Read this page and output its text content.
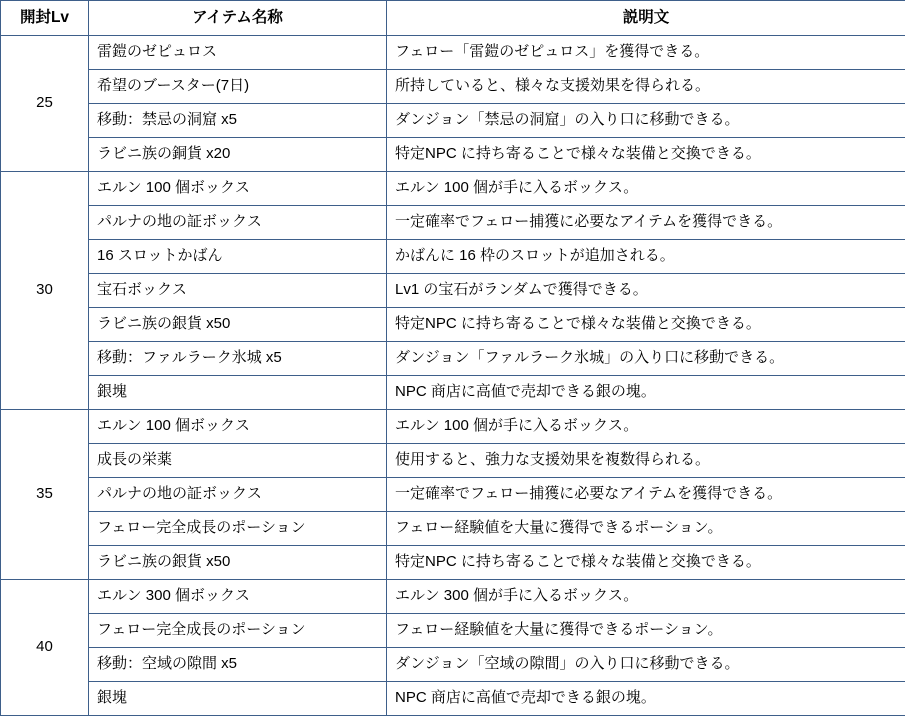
開封Lv	アイテム名称	説明文
25	雷鎧のゼピュロス	フェロー「雷鎧のゼピュロス」を獲得できる。
	希望のブースター(7日)	所持していると、様々な支援効果を得られる。
	移動：禁忌の洞窟 x5	ダンジョン「禁忌の洞窟」の入り口に移動できる。
	ラビニ族の銅貨 x20	特定NPC に持ち寄ることで様々な装備と交換できる。
30	エルン 100 個ボックス	エルン 100 個が手に入るボックス。
	パルナの地の証ボックス	一定確率でフェロー捕獲に必要なアイテムを獲得できる。
	16 スロットかばん	かばんに 16 枠のスロットが追加される。
	宝石ボックス	Lv1 の宝石がランダムで獲得できる。
	ラビニ族の銀貨 x50	特定NPC に持ち寄ることで様々な装備と交換できる。
	移動：ファルラーク氷城 x5	ダンジョン「ファルラーク氷城」の入り口に移動できる。
	銀塊	NPC 商店に高値で売却できる銀の塊。
35	エルン 100 個ボックス	エルン 100 個が手に入るボックス。
	成長の栄薬	使用すると、強力な支援効果を複数得られる。
	パルナの地の証ボックス	一定確率でフェロー捕獲に必要なアイテムを獲得できる。
	フェロー完全成長のポーション	フェロー経験値を大量に獲得できるポーション。
	ラビニ族の銀貨 x50	特定NPC に持ち寄ることで様々な装備と交換できる。
40	エルン 300 個ボックス	エルン 300 個が手に入るボックス。
	フェロー完全成長のポーション	フェロー経験値を大量に獲得できるポーション。
	移動：空域の隙間 x5	ダンジョン「空域の隙間」の入り口に移動できる。
	銀塊	NPC 商店に高値で売却できる銀の塊。
